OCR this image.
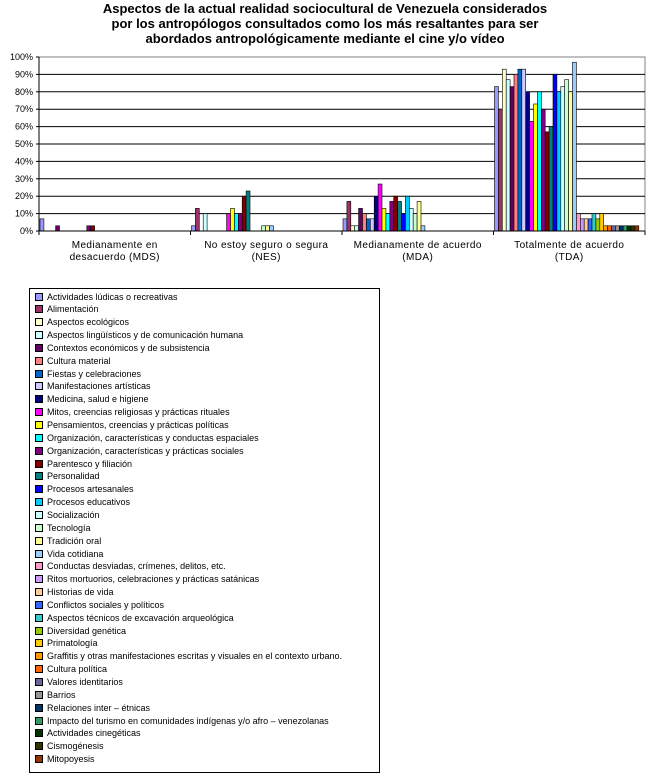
Aspectos de la actual realidad sociocultural de Venezuela considerados
por los antropólogos consultados como los más resaltantes para ser
abordados antropológicamente mediante el cine y/o vídeo
0%
10%
20%
30%
40%
50%
60%
70%
80%
90%
100%
Medianamente en
desacuerdo (MDS)
No estoy seguro o segura
(NES)
Medianamente de acuerdo
(MDA)
Totalmente de acuerdo
(TDA)
Actividades lúdicas o recreativas
Alimentación
Aspectos ecológicos
Aspectos lingüísticos y de comunicación humana
Contextos económicos y de subsistencia
Cultura material
Fiestas y celebraciones
Manifestaciones artísticas
Medicina, salud e higiene
Mitos, creencias religiosas y prácticas rituales
Pensamientos, creencias y prácticas políticas
Organización, características y conductas espaciales
Organización, características y prácticas sociales
Parentesco y filiación
Personalidad
Procesos artesanales
Procesos educativos
Socialización
Tecnología
Tradición oral
Vida cotidiana
Conductas desviadas, crímenes, delitos, etc.
Ritos mortuorios, celebraciones y prácticas satánicas
Historias de vida
Conflictos sociales y políticos
Aspectos técnicos de excavación arqueológica
Diversidad genética
Primatología
Graffitis y otras manifestaciones escritas y visuales en el contexto urbano.
Cultura política
Valores identitarios
Barrios
Relaciones inter – étnicas
Impacto del turismo en comunidades indígenas y/o afro – venezolanas
Actividades cinegéticas
Cismogénesis
Mitopoyesis
